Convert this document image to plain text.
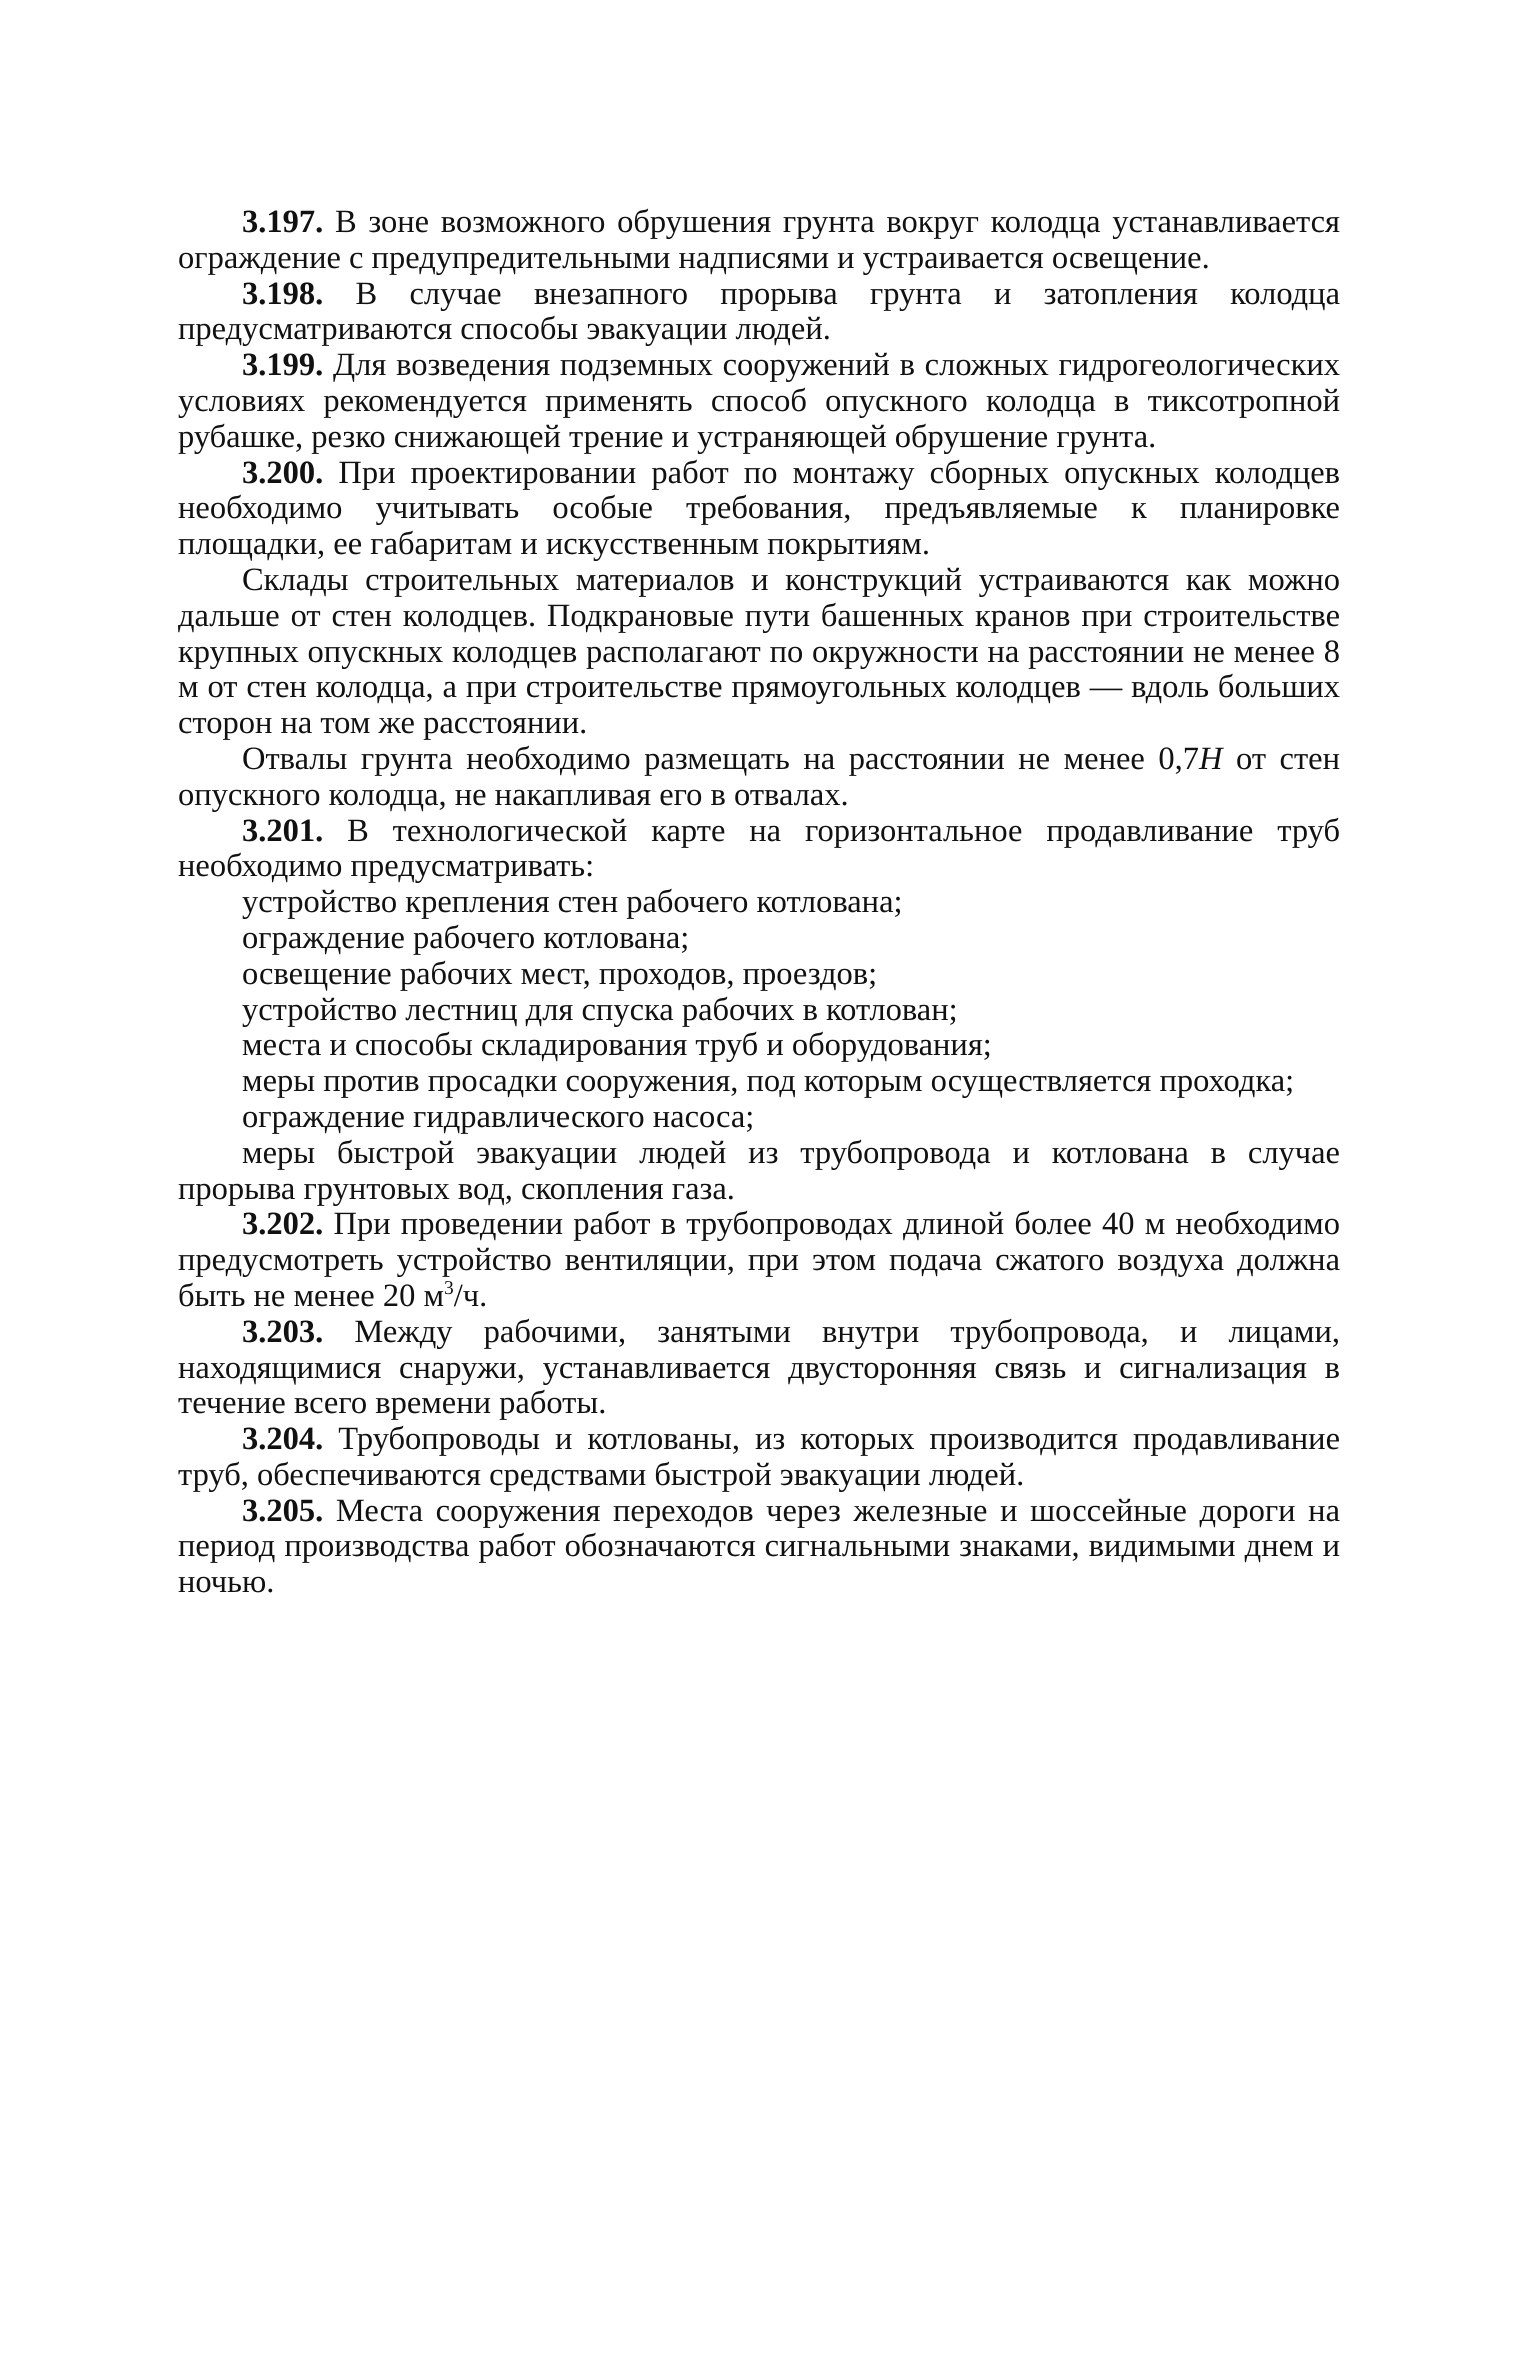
3.197. В зоне возможного обрушения грунта вокруг колодца устанавливается ограждение с предупредительными надписями и устраивается освещение.

3.198. В случае внезапного прорыва грунта и затопления колодца предусматриваются способы эвакуации людей.

3.199. Для возведения подземных сооружений в сложных гидрогеологических условиях рекомендуется применять способ опускного колодца в тиксотропной рубашке, резко снижающей трение и устраняющей обрушение грунта.

3.200. При проектировании работ по монтажу сборных опускных колодцев необходимо учитывать особые требования, предъявляемые к планировке площадки, ее габаритам и искусственным покрытиям.

Склады строительных материалов и конструкций устраиваются как можно дальше от стен колодцев. Подкрановые пути башенных кранов при строительстве крупных опускных колодцев располагают по окружности на расстоянии не менее 8 м от стен колодца, а при строительстве прямоугольных колодцев — вдоль больших сторон на том же расстоянии.

Отвалы грунта необходимо размещать на расстоянии не менее 0,7H от стен опускного колодца, не накапливая его в отвалах.

3.201. В технологической карте на горизонтальное продавливание труб необходимо предусматривать:

устройство крепления стен рабочего котлована;

ограждение рабочего котлована;

освещение рабочих мест, проходов, проездов;

устройство лестниц для спуска рабочих в котлован;

места и способы складирования труб и оборудования;

меры против просадки сооружения, под которым осуществляется проходка;

ограждение гидравлического насоса;

меры быстрой эвакуации людей из трубопровода и котлована в случае прорыва грунтовых вод, скопления газа.

3.202. При проведении работ в трубопроводах длиной более 40 м необходимо предусмотреть устройство вентиляции, при этом подача сжатого воздуха должна быть не менее 20 $м^3/ч$.

3.203. Между рабочими, занятыми внутри трубопровода, и лицами, находящимися снаружи, устанавливается двусторонняя связь и сигнализация в течение всего времени работы.

3.204. Трубопроводы и котлованы, из которых производится продавливание труб, обеспечиваются средствами быстрой эвакуации людей.

3.205. Места сооружения переходов через железные и шоссейные дороги на период производства работ обозначаются сигнальными знаками, видимыми днем и ночью.
